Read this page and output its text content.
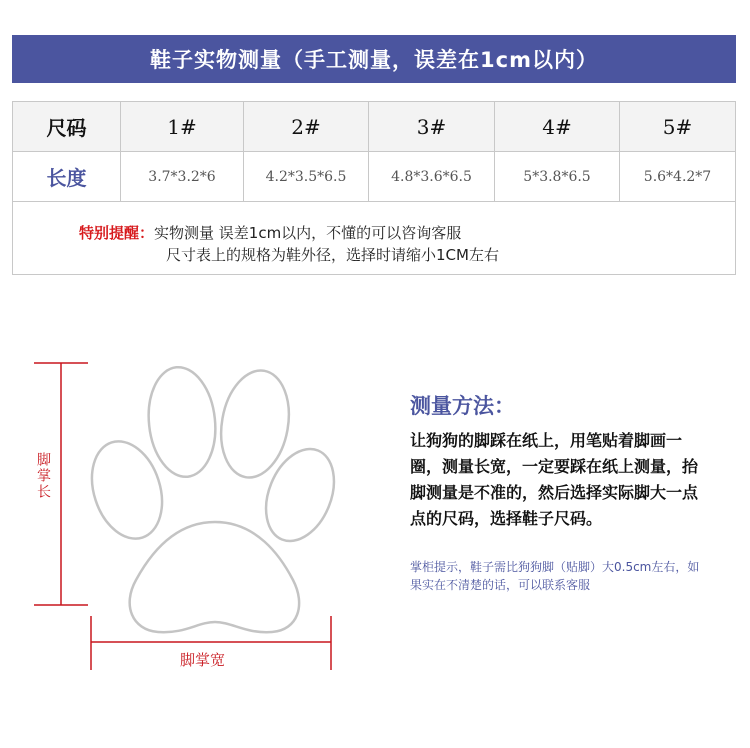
鞋子实物测量（手工测量，误差在1cm以内）
尺码	1#	2#	3#	4#	5#
长度	3.7*3.2*6	4.2*3.5*6.5	4.8*3.6*6.5	5*3.8*6.5	5.6*4.2*7
特别提醒：实物测量 误差1cm以内，不懂的可以咨询客服
尺寸表上的规格为鞋外径，选择时请缩小1CM左右
脚掌长
脚掌宽
测量方法：
让狗狗的脚踩在纸上，用笔贴着脚画一圈，测量长宽，一定要踩在纸上测量，抬脚测量是不准的，然后选择实际脚大一点点的尺码，选择鞋子尺码。
掌柜提示，鞋子需比狗狗脚（贴脚）大0.5cm左右，如果实在不清楚的话，可以联系客服
